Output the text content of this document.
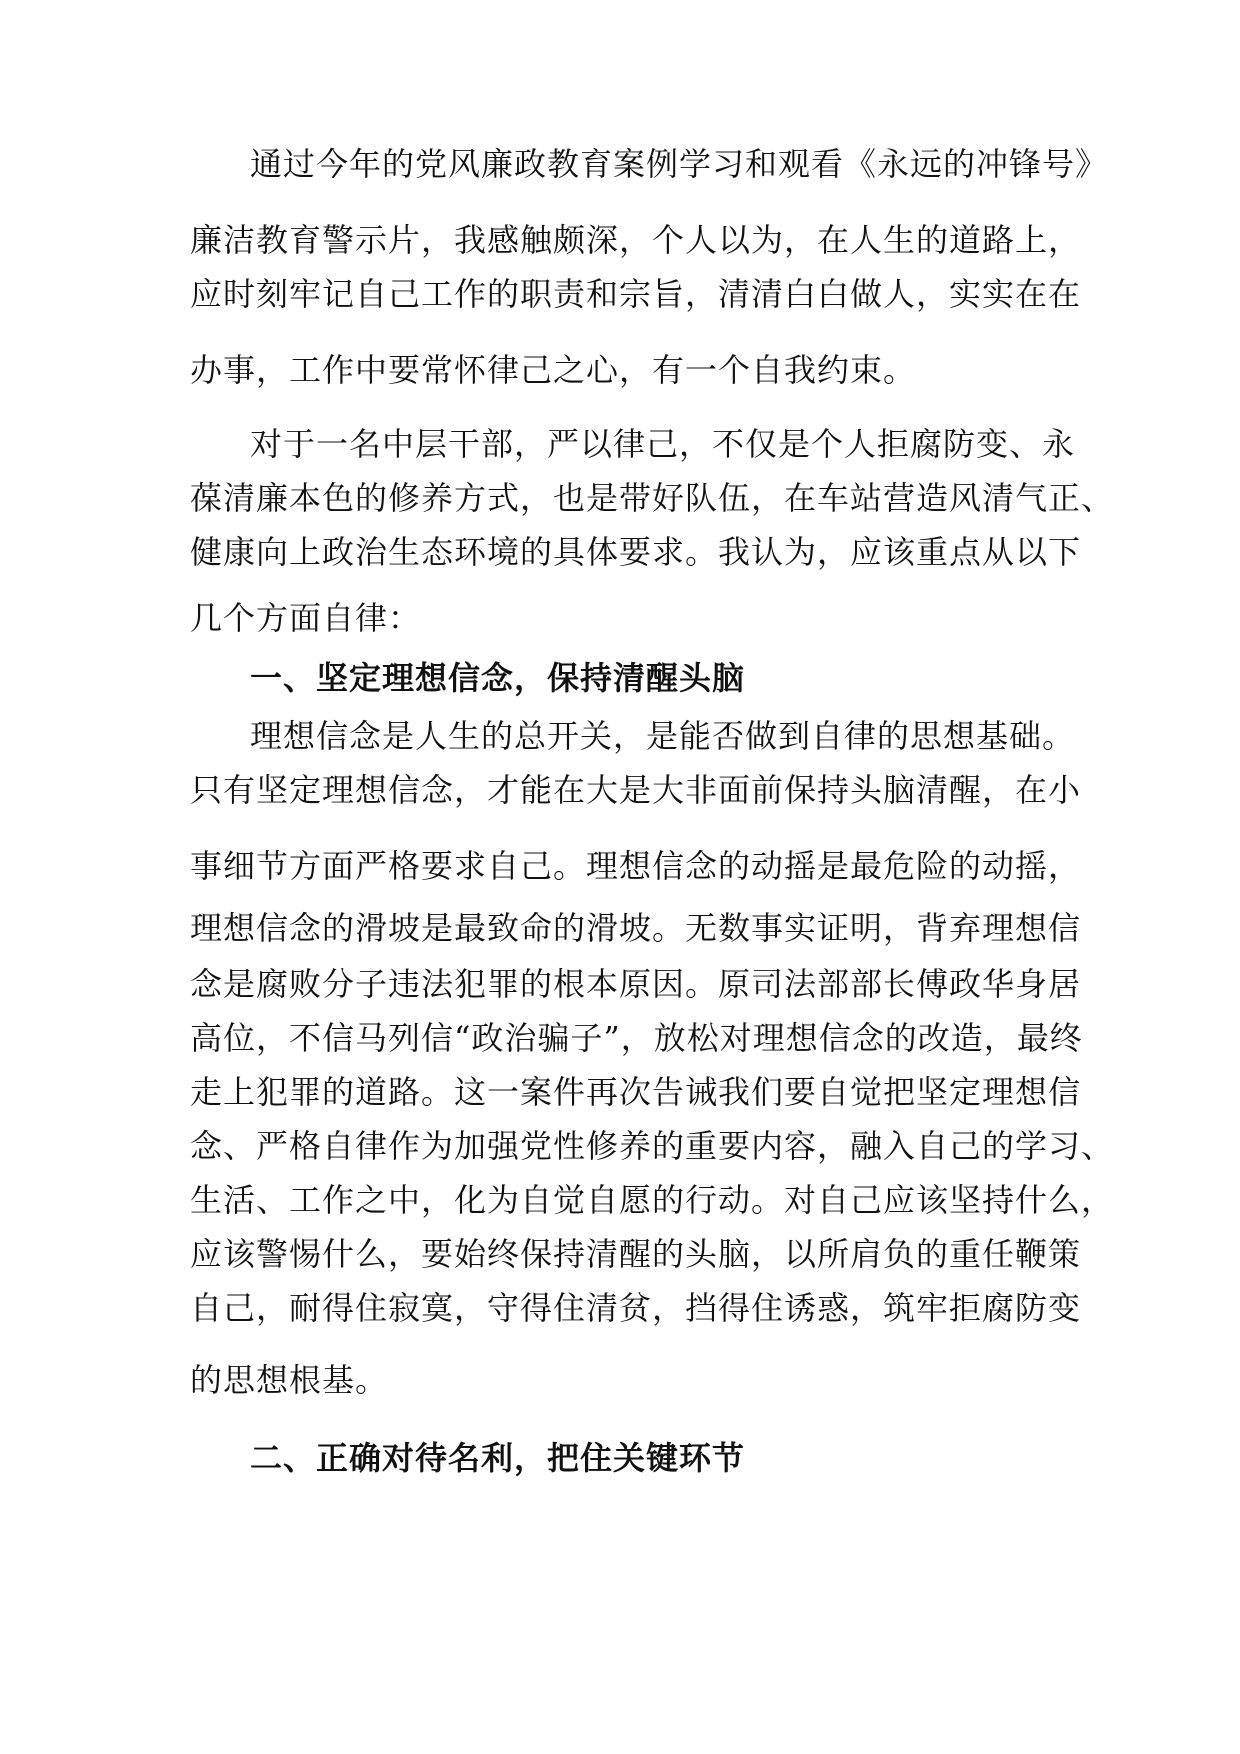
通过今年的党风廉政教育案例学习和观看《永远的冲锋号》
廉洁教育警示片，我感触颇深，个人以为，在人生的道路上，
应时刻牢记自己工作的职责和宗旨，清清白白做人，实实在在
办事，工作中要常怀律己之心，有一个自我约束。
对于一名中层干部，严以律己，不仅是个人拒腐防变、永
葆清廉本色的修养方式，也是带好队伍，在车站营造风清气正、
健康向上政治生态环境的具体要求。我认为，应该重点从以下
几个方面自律：
一、坚定理想信念，保持清醒头脑
理想信念是人生的总开关，是能否做到自律的思想基础。
只有坚定理想信念，才能在大是大非面前保持头脑清醒，在小
事细节方面严格要求自己。理想信念的动摇是最危险的动摇，
理想信念的滑坡是最致命的滑坡。无数事实证明，背弃理想信
念是腐败分子违法犯罪的根本原因。原司法部部长傅政华身居
高位，不信马列信“政治骗子”，放松对理想信念的改造，最终
走上犯罪的道路。这一案件再次告诫我们要自觉把坚定理想信
念、严格自律作为加强党性修养的重要内容，融入自己的学习、
生活、工作之中，化为自觉自愿的行动。对自己应该坚持什么，
应该警惕什么，要始终保持清醒的头脑，以所肩负的重任鞭策
自己，耐得住寂寞，守得住清贫，挡得住诱惑，筑牢拒腐防变
的思想根基。
二、正确对待名利，把住关键环节
